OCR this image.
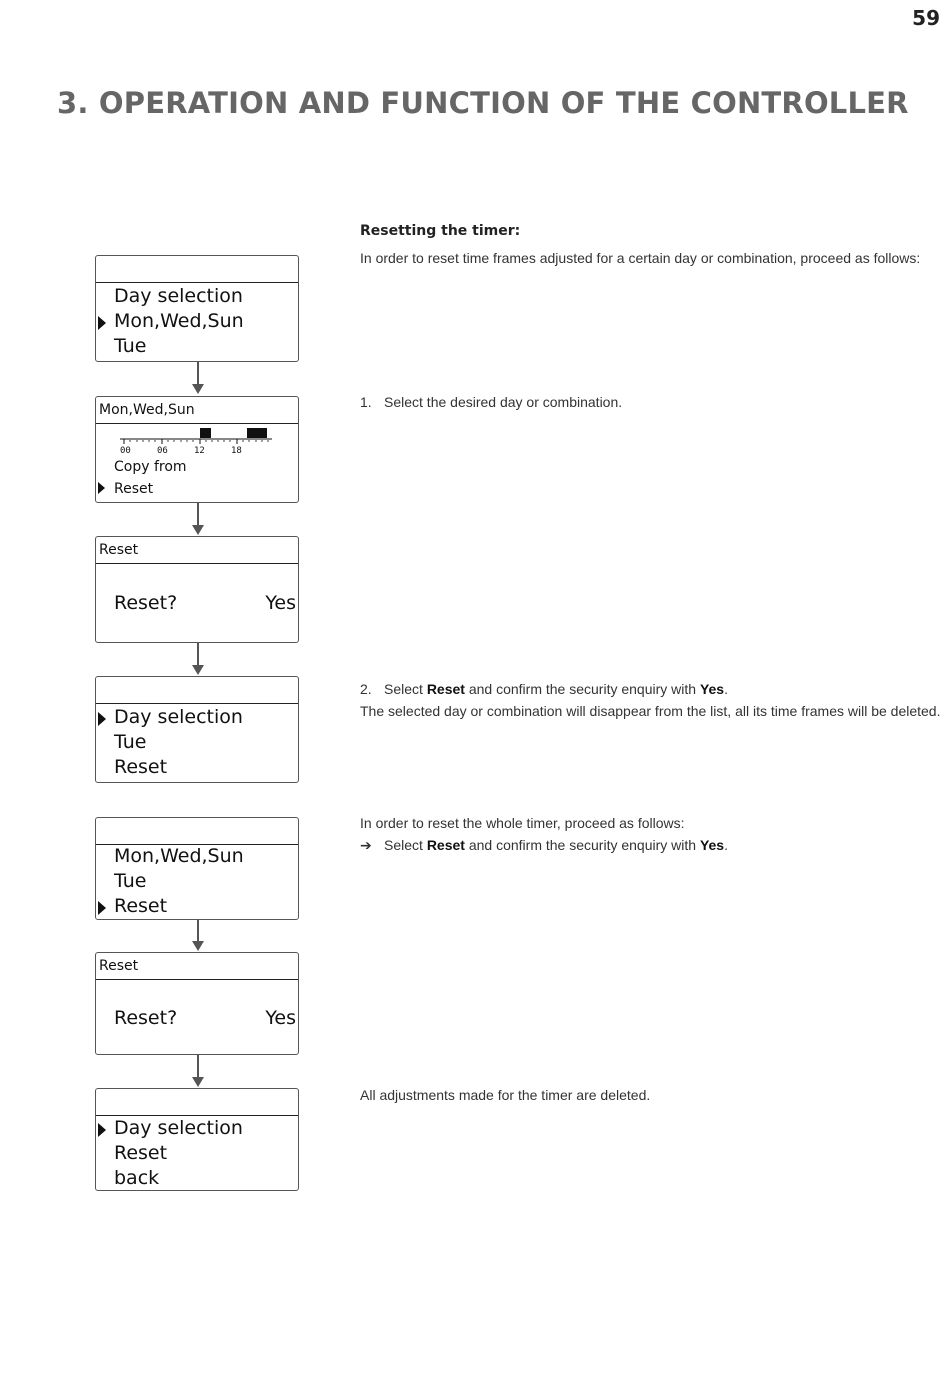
59
3. OPERATION AND FUNCTION OF THE CONTROLLER
Day selection
Mon,Wed,Sun
Tue
Mon,Wed,Sun
00	06	12	18
Copy from
Reset
Reset
Reset?	Yes
Day selection
Tue
Reset
Mon,Wed,Sun
Tue
Reset
Reset
Reset?	Yes
Day selection
Reset
back
Resetting the timer:
In order to reset time frames adjusted for a certain day or combination, proceed as follows:
1. Select the desired day or combination.
2. Select Reset and confirm the security enquiry with Yes.
The selected day or combination will disappear from the list, all its time frames will be deleted.
In order to reset the whole timer, proceed as follows:
➔ Select Reset and confirm the security enquiry with Yes.
All adjustments made for the timer are deleted.
